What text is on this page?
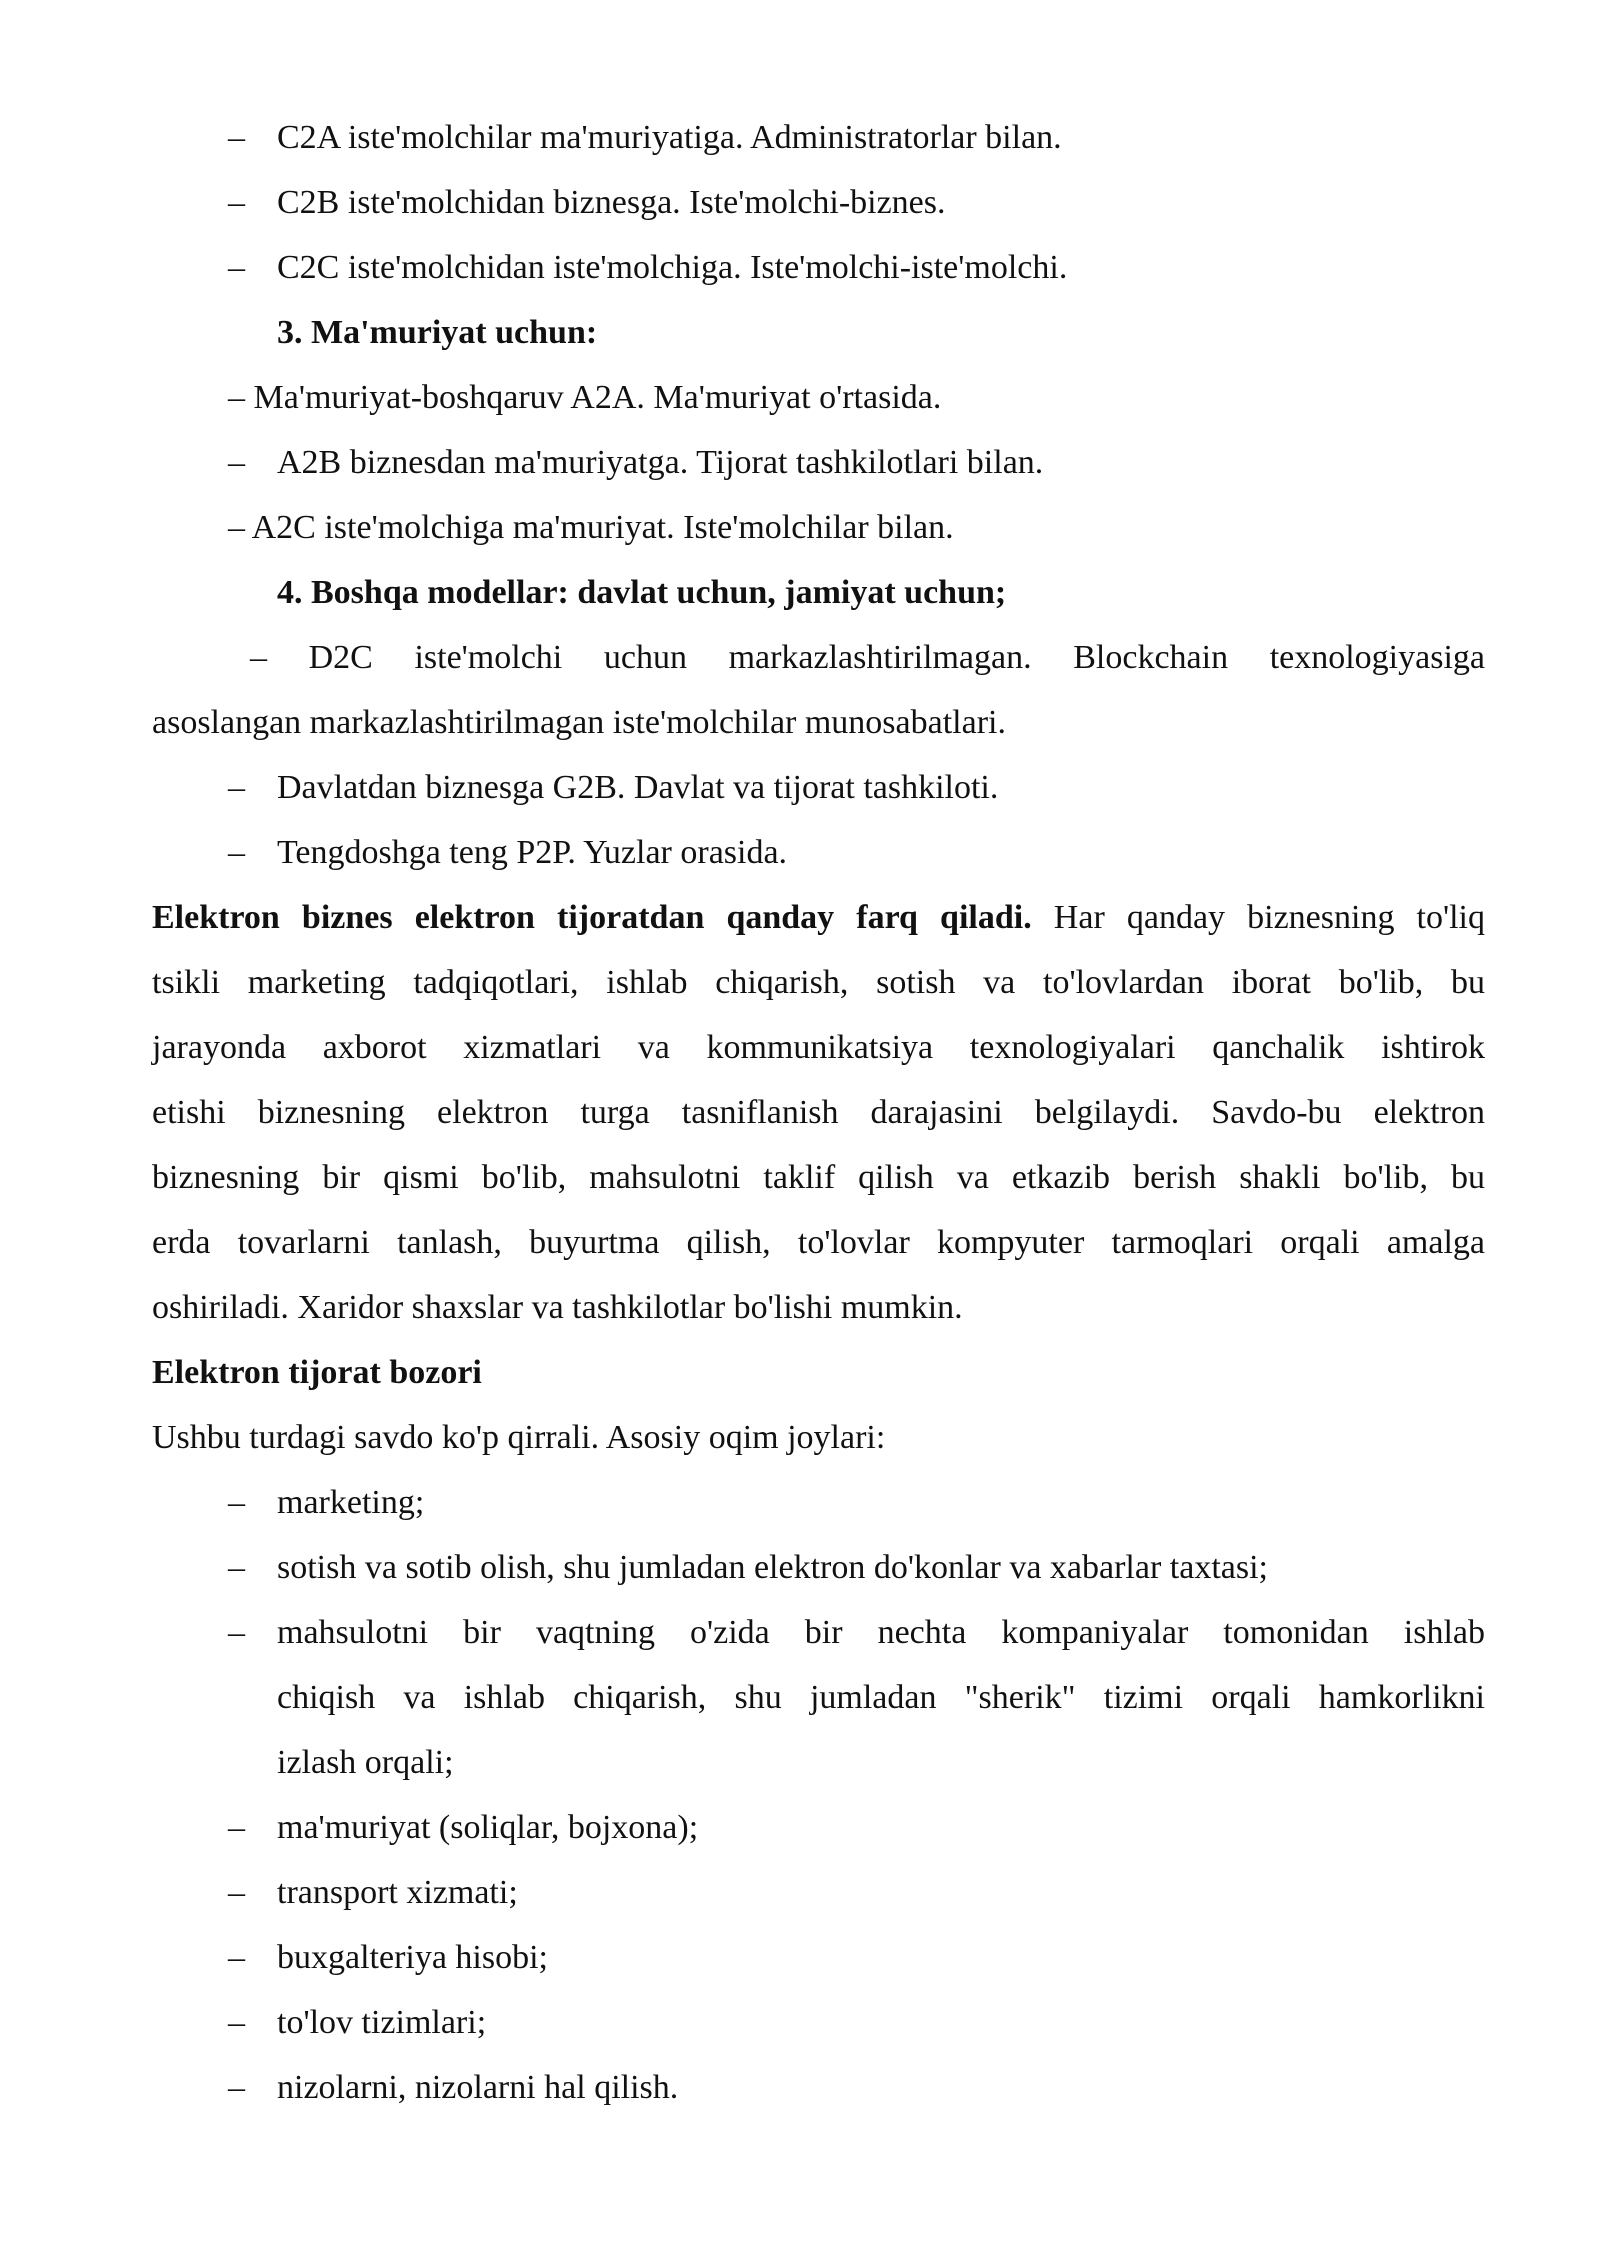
– C2A iste'molchilar ma'muriyatiga. Administratorlar bilan.
– C2B iste'molchidan biznesga. Iste'molchi-biznes.
– C2C iste'molchidan iste'molchiga. Iste'molchi-iste'molchi.
3. Ma'muriyat uchun:
– Ma'muriyat-boshqaruv A2A. Ma'muriyat o'rtasida.
– A2B biznesdan ma'muriyatga. Tijorat tashkilotlari bilan.
– A2C iste'molchiga ma'muriyat. Iste'molchilar bilan.
4. Boshqa modellar: davlat uchun, jamiyat uchun;
– D2C iste'molchi uchun markazlashtirilmagan. Blockchain texnologiyasiga
asoslangan markazlashtirilmagan iste'molchilar munosabatlari.
– Davlatdan biznesga G2B. Davlat va tijorat tashkiloti.
– Tengdoshga teng P2P. Yuzlar orasida.
Elektron biznes elektron tijoratdan qanday farq qiladi. Har qanday biznesning to'liq
tsikli marketing tadqiqotlari, ishlab chiqarish, sotish va to'lovlardan iborat bo'lib, bu
jarayonda axborot xizmatlari va kommunikatsiya texnologiyalari qanchalik ishtirok
etishi biznesning elektron turga tasniflanish darajasini belgilaydi. Savdo-bu elektron
biznesning bir qismi bo'lib, mahsulotni taklif qilish va etkazib berish shakli bo'lib, bu
erda tovarlarni tanlash, buyurtma qilish, to'lovlar kompyuter tarmoqlari orqali amalga
oshiriladi. Xaridor shaxslar va tashkilotlar bo'lishi mumkin.
Elektron tijorat bozori
Ushbu turdagi savdo ko'p qirrali. Asosiy oqim joylari:
– marketing;
– sotish va sotib olish, shu jumladan elektron do'konlar va xabarlar taxtasi;
– mahsulotni bir vaqtning o'zida bir nechta kompaniyalar tomonidan ishlab
chiqish va ishlab chiqarish, shu jumladan "sherik" tizimi orqali hamkorlikni
izlash orqali;
– ma'muriyat (soliqlar, bojxona);
– transport xizmati;
– buxgalteriya hisobi;
– to'lov tizimlari;
– nizolarni, nizolarni hal qilish.
